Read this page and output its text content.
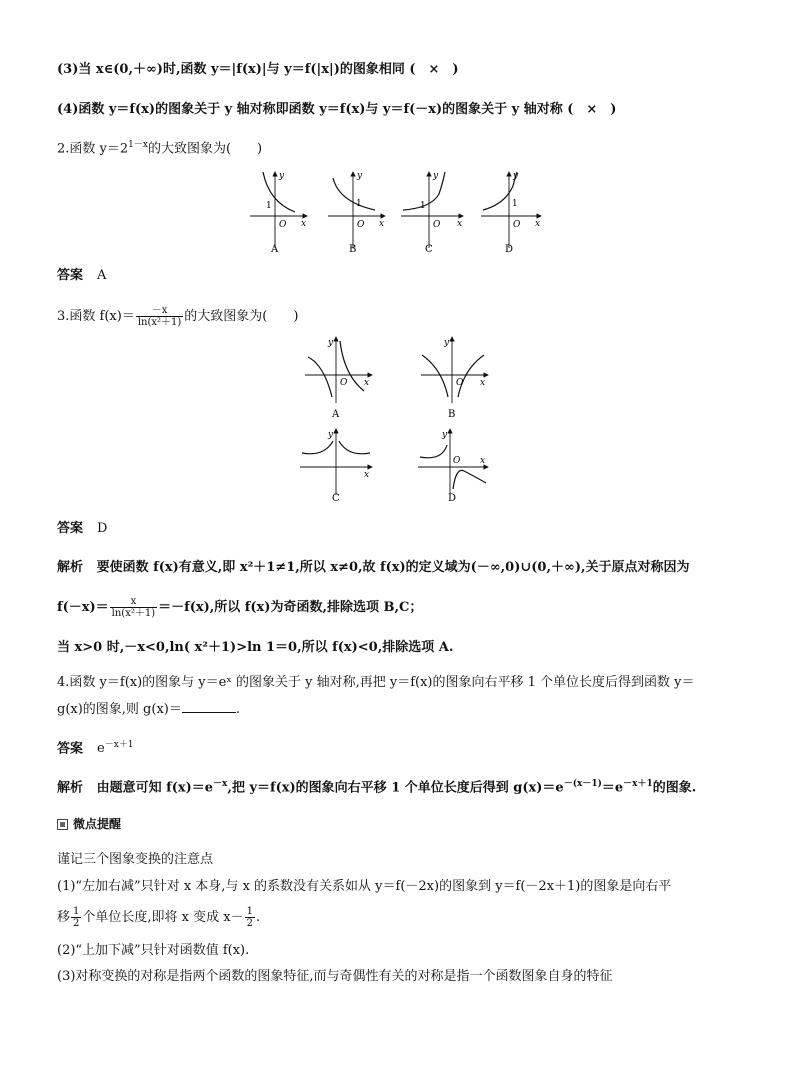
(3)当 x∈(0,＋∞)时,函数 y＝|f(x)|与 y＝f(|x|)的图象相同 (　×　)
(4)函数 y＝f(x)的图象关于 y 轴对称即函数 y＝f(x)与 y＝f(－x)的图象关于 y 轴对称 (　×　)
2.函数 $y=2^{1-x}$的大致图象为(　　)
y
x
O
1
A
y
x
O
1
B
y
x
O
1
C
y
x
O
1
D
答案 A
3.函数 $f(x)= \frac{-x}{\text{ln(x²＋1)}}$ 的大致图象为(　　)
y
x
O
A
y
x
O
B
y
x
C
y
x
O
D
答案 D
解析 要使函数 f(x)有意义,即 x²＋1≠1,所以 x≠0,故 f(x)的定义域为(－∞,0)∪(0,＋∞),关于原点对称因为
$f(-x)= \frac{x}{\text{ln(x²＋1)}} =-f(x)$,所以 f(x)为奇函数,排除选项 B,C；
当 x>0 时,－x<0,ln( x²＋1)>ln 1＝0,所以 f(x)<0,排除选项 A.
4.函数 y＝f(x)的图象与 y＝eˣ 的图象关于 y 轴对称,再把 y＝f(x)的图象向右平移 1 个单位长度后得到函数 y＝
g(x)的图象,则 g(x)＝	.
答案 $e^{-x+1}$
解析 由题意可知 $f(x)=e^{-x}$,把 y＝f(x)的图象向右平移 1 个单位长度后得到 $g(x)=e^{-(x-1)}=e^{-x+1}$的图象.
微点提醒
谨记三个图象变换的注意点
(1)“左加右减”只针对 x 本身,与 x 的系数没有关系如从 y＝f(－2x)的图象到 y＝f(－2x＋1)的图象是向右平
移 $\frac{1}{2}$ 个单位长度,即将 x 变成 $x- \frac{1}{2}$ .
(2)“上加下减”只针对函数值 f(x).
(3)对称变换的对称是指两个函数的图象特征,而与奇偶性有关的对称是指一个函数图象自身的特征
